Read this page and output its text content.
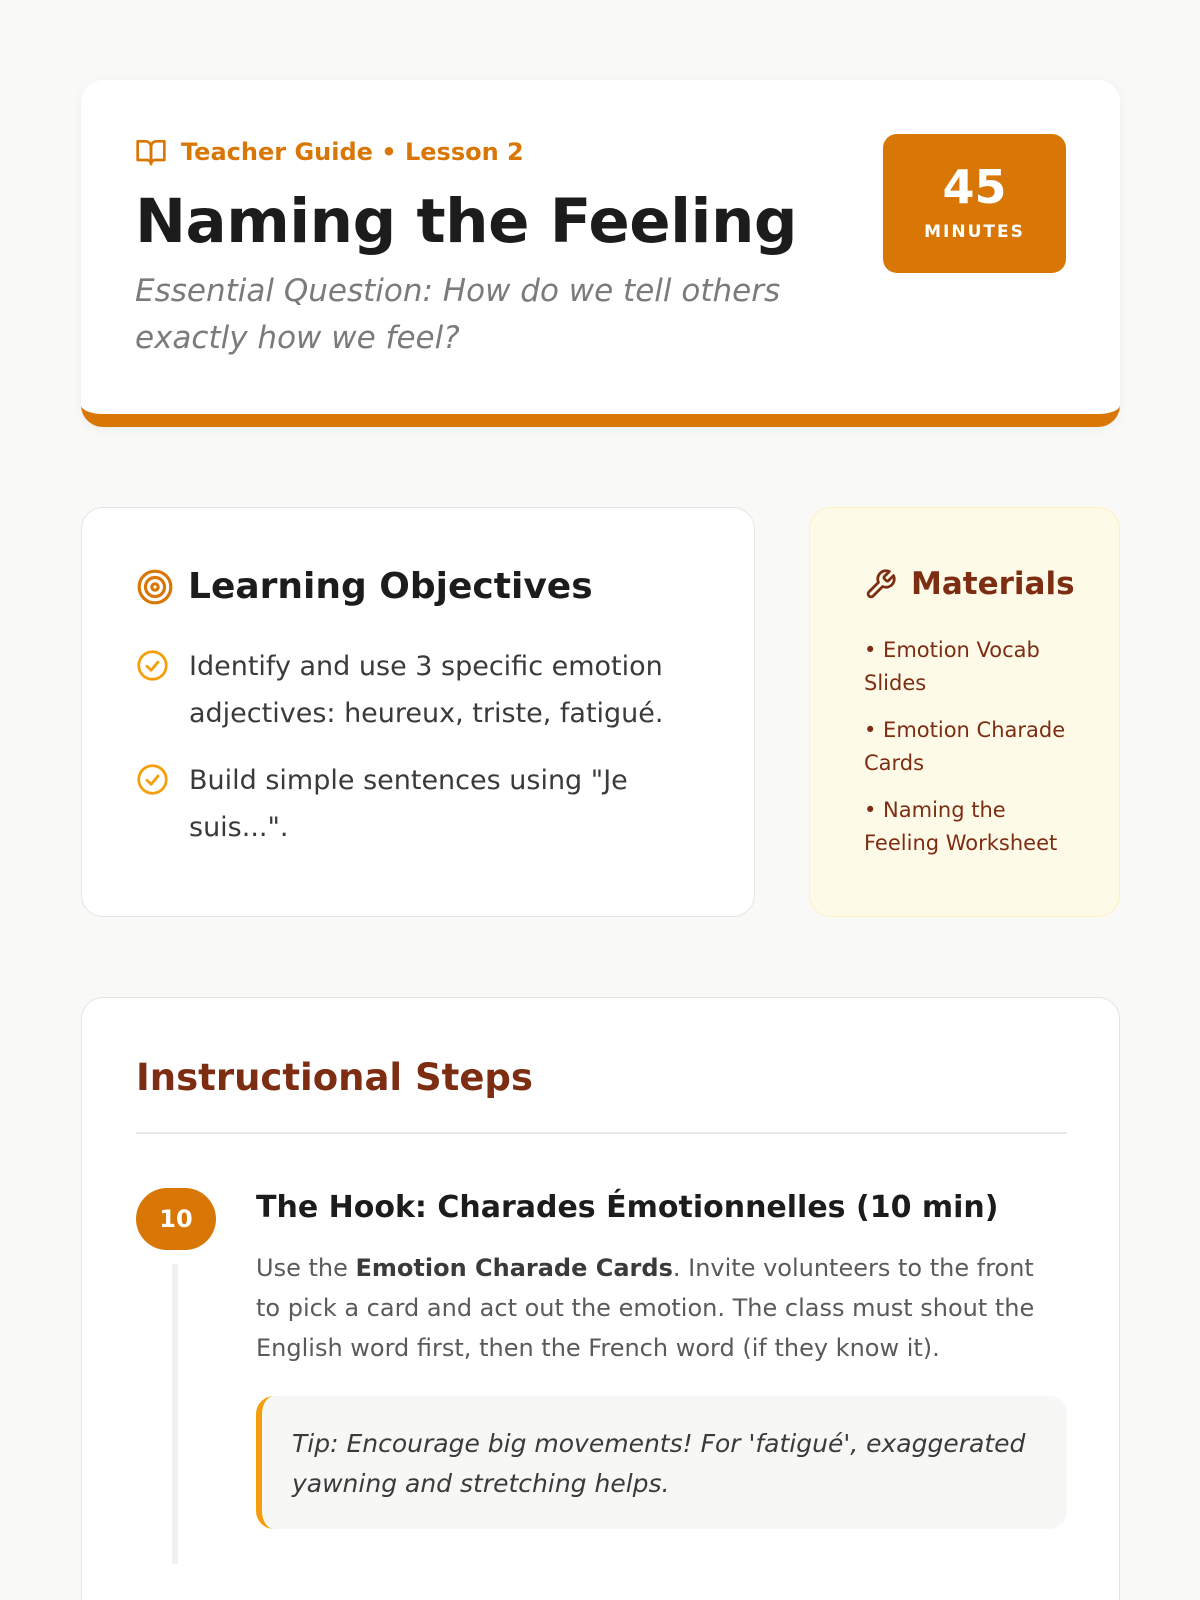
Teacher Guide • Lesson 2
Naming the Feeling

Essential Question: How do we tell others exactly how we feel?

45
MINUTES
Learning Objectives
Identify and use 3 specific emotion adjectives: heureux, triste, fatigué.
Build simple sentences using "Je suis...".
Materials
• Emotion Vocab Slides
• Emotion Charade Cards
• Naming the Feeling Worksheet
Instructional Steps
10	The Hook: Charades Émotionnelles (10 min)

Use the Emotion Charade Cards. Invite volunteers to the front to pick a card and act out the emotion. The class must shout the English word first, then the French word (if they know it).

Tip: Encourage big movements! For 'fatigué', exaggerated yawning and stretching helps.
